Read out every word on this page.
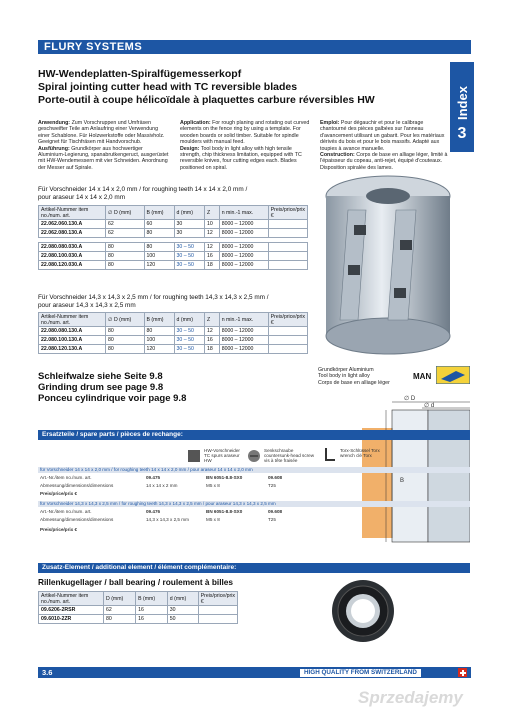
FLURY SYSTEMS
Index
3
HW-Wendeplatten-Spiralfügemesserkopf
Spiral jointing cutter head with TC reversible blades
Porte-outil à coupe hélicoïdale à plaquettes carbure réversibles HW
Anwendung: Zum Vorschruppen und Umfräsen geschweifter Teile am Anlaufring einer Verwendung einer Schablone. Für Holzwerkstoffe oder Massivholz. Geeignet für Tischfräsen mit Handvorschub.
Ausführung: Grundkörper aus hochwertiger Aluminium-Legierung, spanabrutkengeruct, ausgerüstet mit HW-Wendemessern mit vier Schneiden. Anordnung der Messer auf Spirale.
Application: For rough planing and rotating out curved elements on the fence ring by using a template. For wooden boards or solid timber. Suitable for spindle moulders with manual feed.
Design: Tool body in light alloy with high tensile strength, chip thickness limitation, equipped with TC reversible knives, four cutting edges each. Blades positioned on spiral.
Emploi: Pour dégauchir et pour le calibrage chantourné des pièces galbées sur l'anneau d'avancement utilisant un gabarit. Pour les matériaux dérivés du bois et pour le bois massifs. Adapté aux toupies à avance manuelle.
Construction: Corps de base en alliage léger, limité à l'épaisseur du copeau, anti-rejet, équipé d'couteaux. Disposition spiralée des lames.
Für Vorschneider 14 x 14 x 2,0 mm / for roughing teeth 14 x 14 x 2,0 mm /
pour araseur 14 x 14 x 2,0 mm
Artikel-Nummer item no./num. art.	∅ D (mm)	B (mm)	d (mm)	Z	n min.-1 max.	Preis/price/prix €
22.062.060.130.A	62	60	30	10	8000 – 12000	
22.062.080.130.A	62	80	30	12	8000 – 12000	

22.080.080.030.A	80	80	30 – 50	12	8000 – 12000	
22.080.100.030.A	80	100	30 – 50	16	8000 – 12000	
22.080.120.030.A	80	120	30 – 50	18	8000 – 12000	
Für Vorschneider 14,3 x 14,3 x 2,5 mm / for roughing teeth 14,3 x 14,3 x 2,5 mm /
pour araseur 14,3 x 14,3 x 2,5 mm
Artikel-Nummer item no./num. art.	∅ D (mm)	B (mm)	d (mm)	Z	n min.-1 max.	Preis/price/prix €
22.080.080.130.A	80	80	30 – 50	12	8000 – 12000	
22.080.100.130.A	80	100	30 – 50	16	8000 – 12000	
22.080.120.130.A	80	120	30 – 50	18	8000 – 12000	
Grundkörper Aluminium
Tool body in light alloy
Corps de base en alliage léger
MAN
Schleifwalze siehe Seite 9.8
Grinding drum see page 9.8
Ponceu cylindrique voir page 9.8	∅ D
∅ d
B
Ersatzteile / spare parts / pièces de rechange:
HW-Vorschneider TC spurs araseur HW
Senkschraube countersunk-head screw vis à tête fraisée
Torx-Schlüssel Torx wrench clé Torx
für Vorschneider 14 x 14 x 2,0 mm / for roughing teeth 14 x 14 x 2,0 mm / pour araseur 14 x 14 x 2,0 mm
Art.-Nr./item no./num. art.	09.475	BN 6051-8.8-SX0	09.608
Abmessung/dimensions/dimensions	14 x 14 x 2 mm	M5 x 8	T25
Preis/price/prix €
für Vorschneider 14,3 x 14,3 x 2,5 mm / for roughing teeth 14,3 x 14,3 x 2,5 mm / pour araseur 14,3 x 14,3 x 2,5 mm
Art.-Nr./item no./num. art.	09.476	BN 6051-8.8-SX0	09.608
Abmessung/dimensions/dimensions	14,3 x 14,3 x 2,5 mm	M5 x 8	T25
Preis/price/prix €
Zusatz-Element / additional element / élément complémentaire:
Rillenkugellager / ball bearing / roulement à billes
Artikel-Nummer item no./num. art.	D (mm)	B (mm)	d (mm)	Preis/price/prix €
09.6206-2RSR	62	16	30	
09.6010-2ZR	80	16	50	
3.6	HIGH QUALITY FROM SWITZERLAND
Sprzedajemy
